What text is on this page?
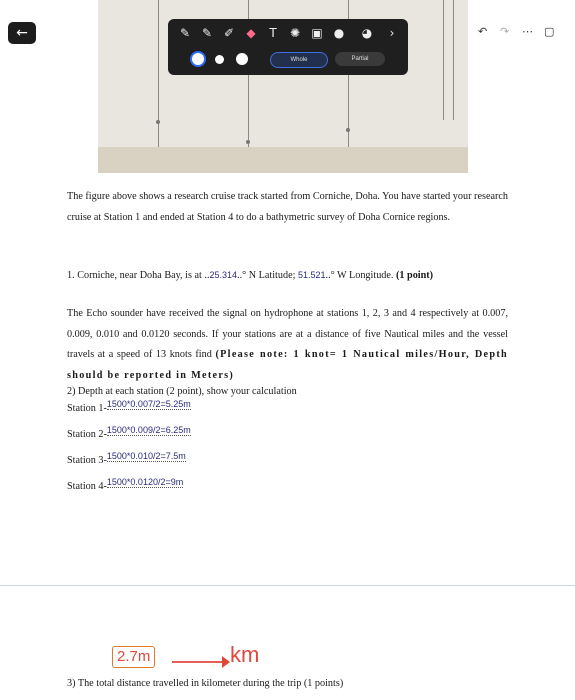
←	✎ ✎ ✐	◆	T	✺ ▣ ●	◕	›
Whole	Partial
↶ ↷ ⋯ ▢

The figure above shows a research cruise track started from Corniche, Doha. You have started your research cruise at Station 1 and ended at Station 4 to do a bathymetric survey of Doha Cornice regions.

1. Corniche, near Doha Bay, is at ..25.314..° N Latitude; 51.521..° W Longitude. (1 point)

The Echo sounder have received the signal on hydrophone at stations 1, 2, 3 and 4 respectively at 0.007, 0.009, 0.010 and 0.0120 seconds. If your stations are at a distance of five Nautical miles and the vessel travels at a speed of 13 knots find (Please note: 1 knot= 1 Nautical miles/Hour, Depth should be reported in Meters)

2) Depth at each station (2 point), show your calculation

Station 1-1500*0.007/2=5.25m
Station 2-1500*0.009/2=6.25m
Station 3-1500*0.010/2=7.5m
Station 4-1500*0.0120/2=9m
2.7m	km

3) The total distance travelled in kilometer during the trip (1 points)
